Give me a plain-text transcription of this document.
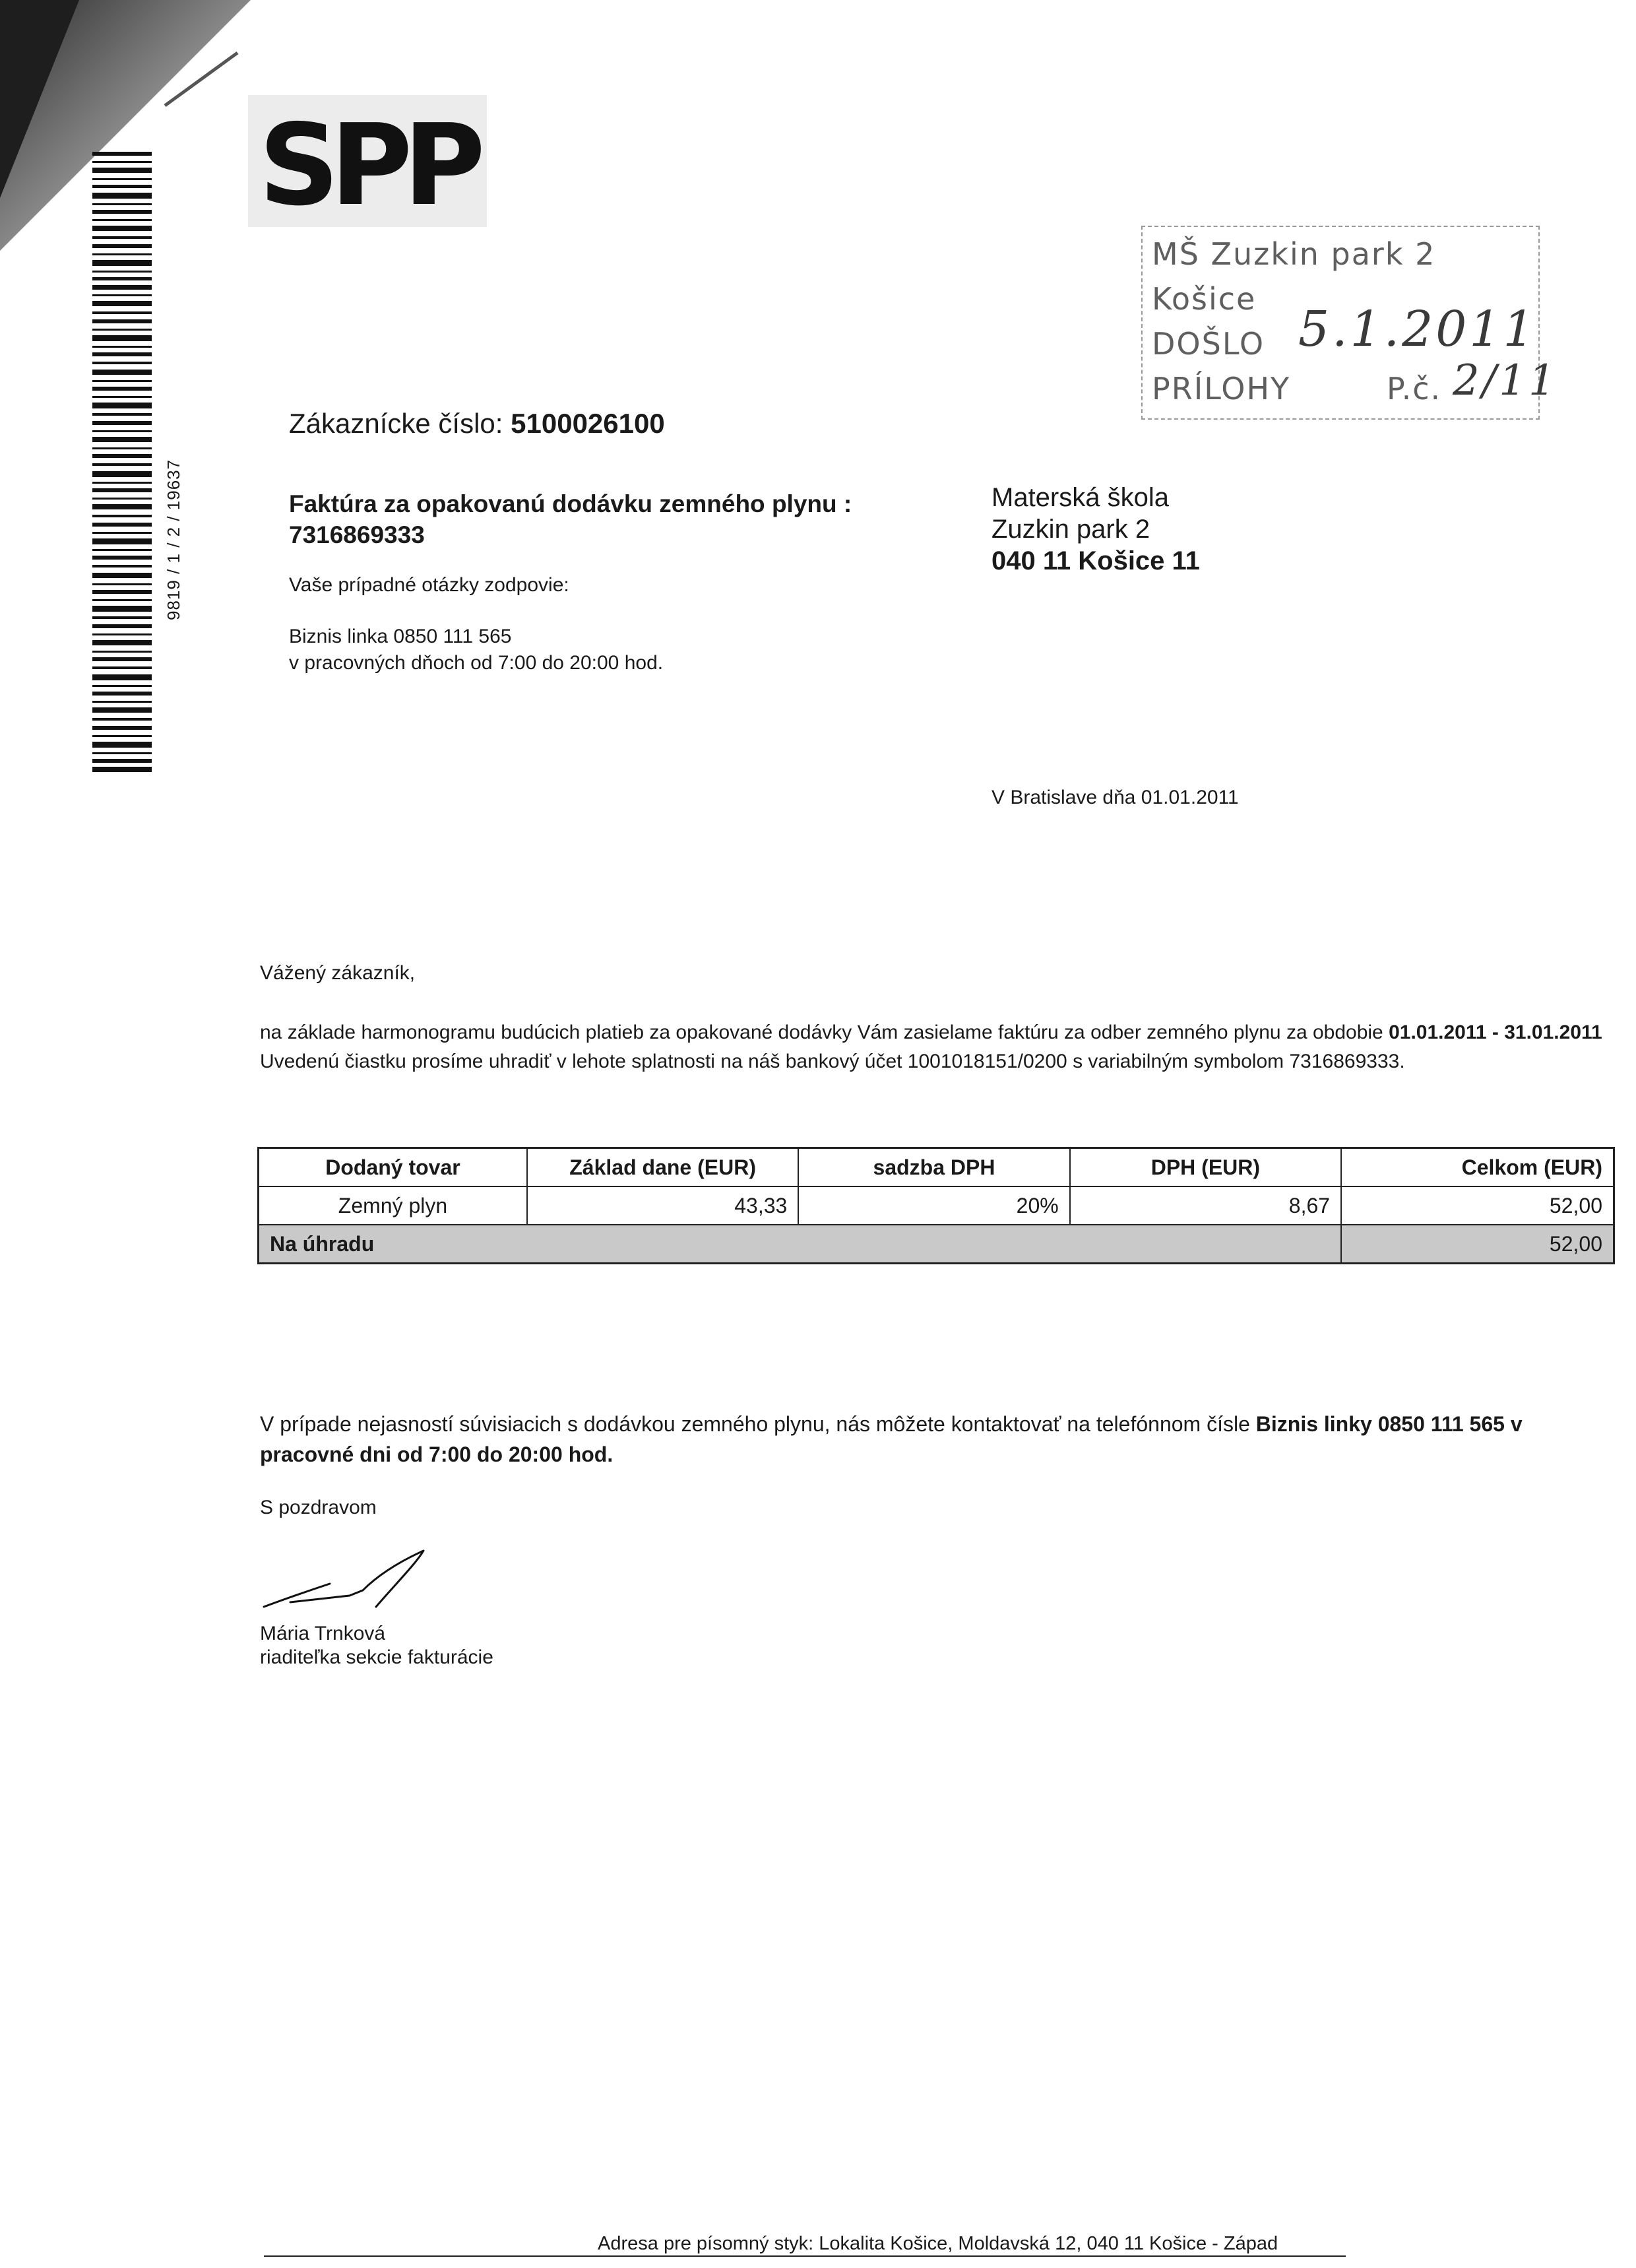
9819 / 1 / 2 / 19637
SPP
MŠ Zuzkin park 2
Košice
DOŠLO 5.1.2011
PRÍLOHY	P.č. 2/11
Zákaznícke číslo: 5100026100
Faktúra za opakovanú dodávku zemného plynu :
7316869333
Vaše prípadné otázky zodpovie:
Biznis linka 0850 111 565
v pracovných dňoch od 7:00 do 20:00 hod.
Materská škola
Zuzkin park 2
040 11 Košice 11
V Bratislave dňa 01.01.2011
Vážený zákazník,
na základe harmonogramu budúcich platieb za opakované dodávky Vám zasielame faktúru za odber zemného plynu za obdobie 01.01.2011 - 31.01.2011
Uvedenú čiastku prosíme uhradiť v lehote splatnosti na náš bankový účet 1001018151/0200 s variabilným symbolom 7316869333.
Dodaný tovar	Základ dane (EUR)	sadzba DPH	DPH (EUR)	Celkom (EUR)
Zemný plyn	43,33	20%	8,67	52,00
Na úhradu				52,00
V prípade nejasností súvisiacich s dodávkou zemného plynu, nás môžete kontaktovať na telefónnom čísle Biznis linky 0850 111 565 v pracovné dni od 7:00 do 20:00 hod.
S pozdravom
Mária Trnková
riaditeľka sekcie fakturácie
Adresa pre písomný styk: Lokalita Košice, Moldavská 12, 040 11 Košice - Západ
